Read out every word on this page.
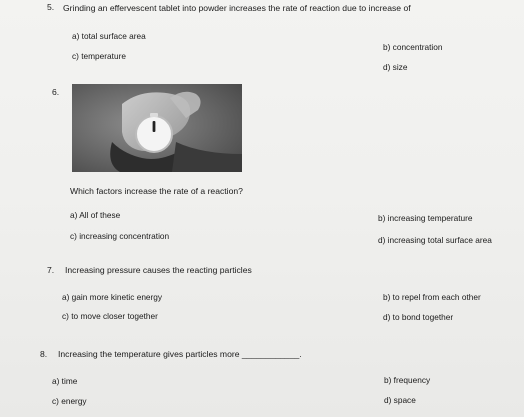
5. Grinding an effervescent tablet into powder increases the rate of reaction due to increase of
a) total surface area
b) concentration
c) temperature
d) size
6.
Which factors increase the rate of a reaction?
a) All of these	b) increasing temperature
c) increasing concentration	d) increasing total surface area
7. Increasing pressure causes the reacting particles
a) gain more kinetic energy	b) to repel from each other
c) to move closer together	d) to bond together
8. Increasing the temperature gives particles more ____________.
a) time	b) frequency
c) energy	d) space
